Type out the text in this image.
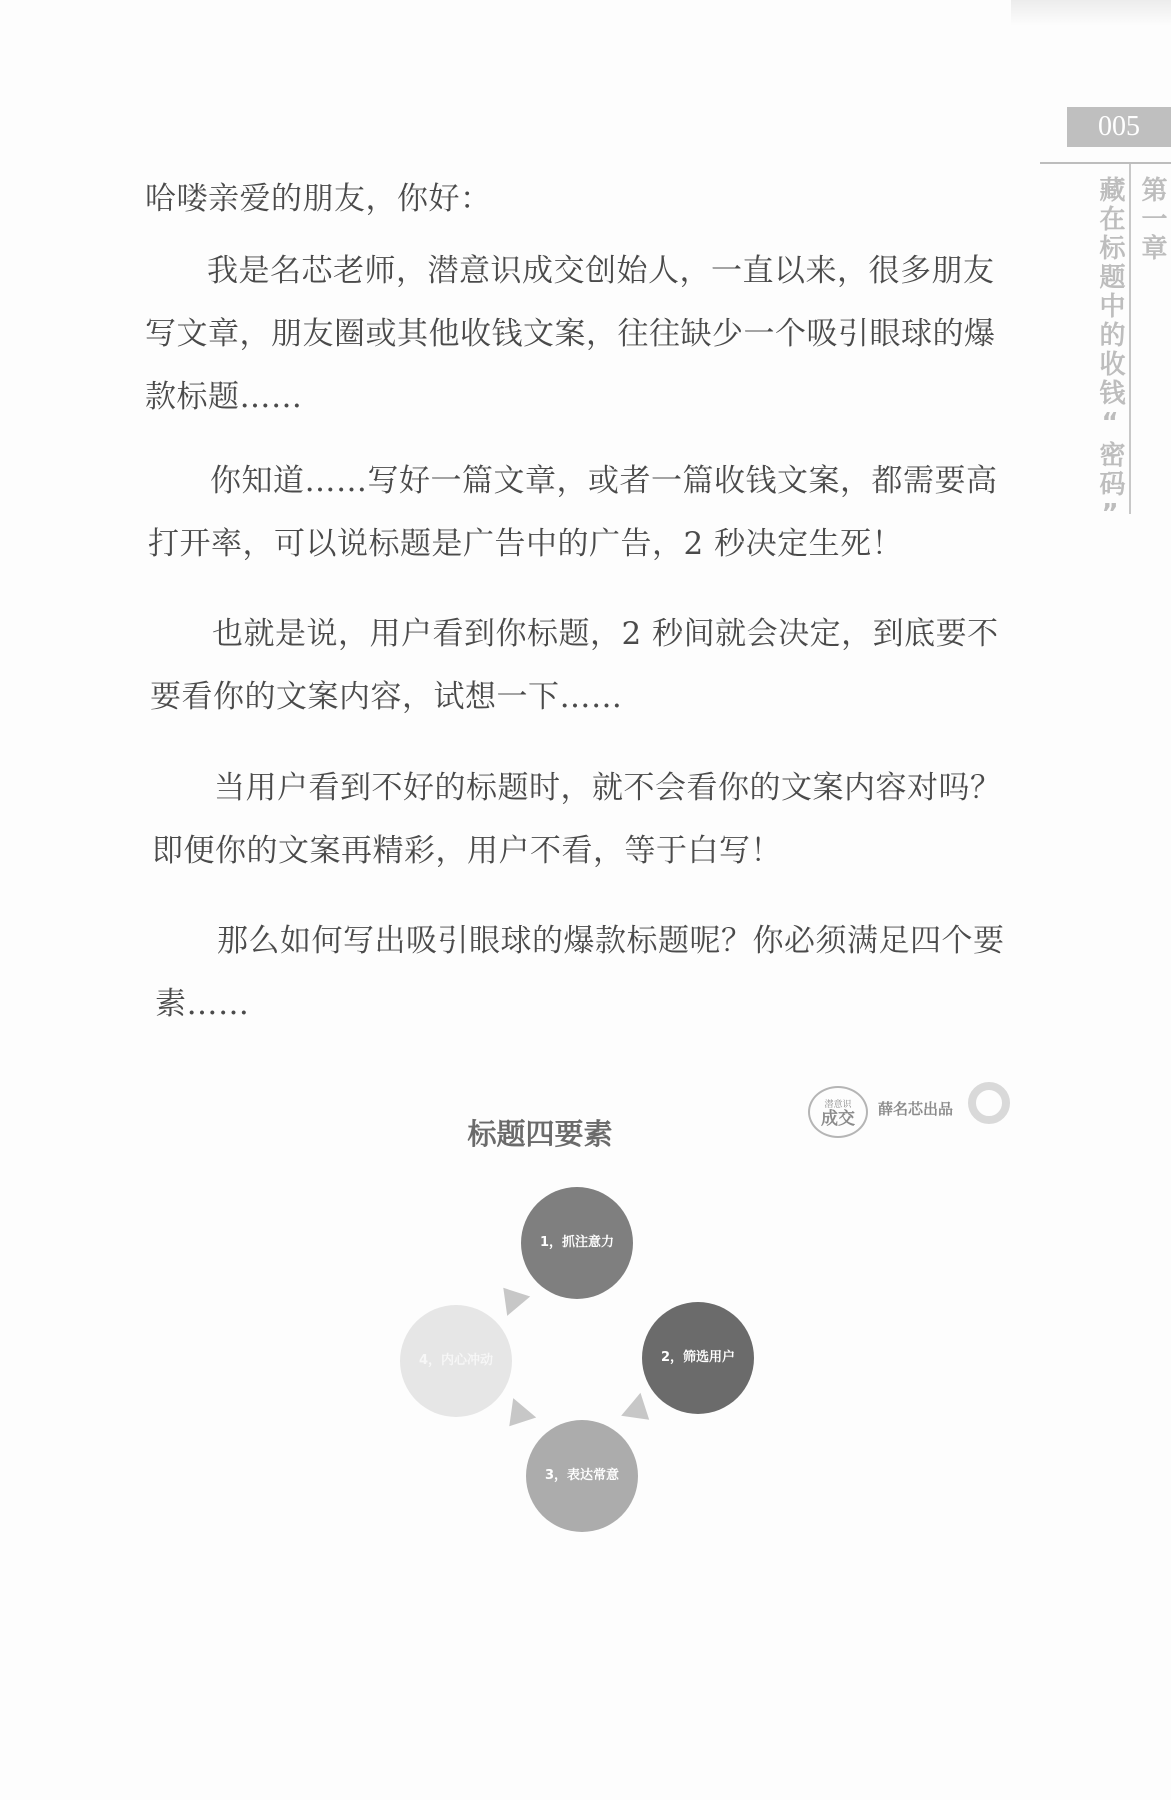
005
第一章
藏在标题中的收钱“密码”

哈喽亲爱的朋友，你好：

我是名芯老师，潜意识成交创始人，一直以来，很多朋友写文章，朋友圈或其他收钱文案，往往缺少一个吸引眼球的爆款标题……

你知道……写好一篇文章，或者一篇收钱文案，都需要高打开率，可以说标题是广告中的广告，2 秒决定生死！

也就是说，用户看到你标题，2 秒间就会决定，到底要不要看你的文案内容，试想一下……

当用户看到不好的标题时，就不会看你的文案内容对吗？即便你的文案再精彩，用户不看，等于白写！

那么如何写出吸引眼球的爆款标题呢？你必须满足四个要素……

标题四要素
潜意识
成交	薛名芯出品
1，抓注意力
2，筛选用户
3，表达常意
4，内心冲动
